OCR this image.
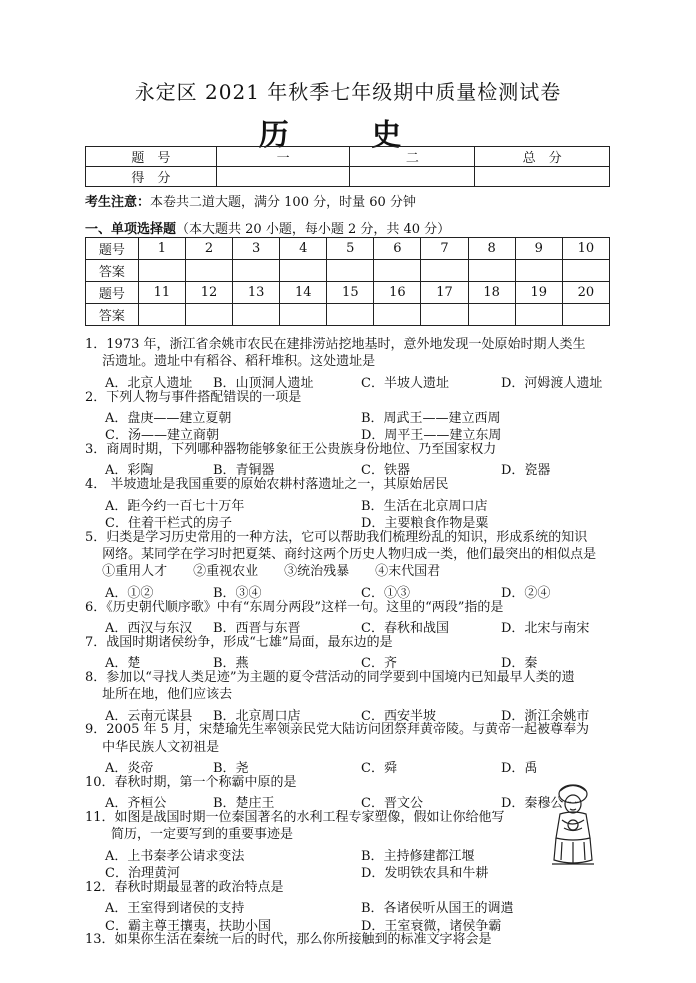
永定区 2021 年秋季七年级期中质量检测试卷
历 史
题　号	一	二	总　分
得　分			
考生注意：本卷共二道大题，满分 100 分，时量 60 分钟
一、单项选择题（本大题共 20 小题，每小题 2 分，共 40 分）
题号	1	2	3	4	5	6	7	8	9	10
答案										
题号	11	12	13	14	15	16	17	18	19	20
答案										
1．1973 年，浙江省余姚市农民在建排涝站挖地基时，意外地发现一处原始时期人类生
　 活遗址。遗址中有稻谷、稻秆堆积。这处遗址是
A．北京人遗址 B．山顶洞人遗址	C．半坡人遗址	D．河姆渡人遗址
2．下列人物与事件搭配错误的一项是
A．盘庚——建立夏朝	B．周武王——建立西周
C．汤——建立商朝	D．周平王——建立东周
3．商周时期，下列哪种器物能够象征王公贵族身份地位、乃至国家权力
A．彩陶	B．青铜器	C．铁器	D．瓷器
4． 半坡遗址是我国重要的原始农耕村落遗址之一，其原始居民
A．距今约一百七十万年	B．生活在北京周口店
C．住着干栏式的房子	D．主要粮食作物是粟
5．归类是学习历史常用的一种方法，它可以帮助我们梳理纷乱的知识，形成系统的知识
　 网络。某同学在学习时把夏桀、商纣这两个历史人物归成一类，他们最突出的相似点是
　 ①重用人才　　②重视农业　　③统治残暴　　④末代国君
A．①②	B．③④	C．①③	D．②④
6．《历史朝代顺序歌》中有“东周分两段”这样一句。这里的“两段”指的是
A．西汉与东汉 B．西晋与东晋	C．春秋和战国	D．北宋与南宋
7．战国时期诸侯纷争，形成“七雄”局面，最东边的是
A．楚	B．燕	C．齐	D．秦
8．参加以“寻找人类足迹”为主题的夏令营活动的同学要到中国境内已知最早人类的遗
　 址所在地，他们应该去
A．云南元谋县 B．北京周口店	C．西安半坡	D．浙江余姚市
9．2005 年 5 月，宋楚瑜先生率领亲民党大陆访问团祭拜黄帝陵。与黄帝一起被尊奉为
　 中华民族人文初祖是
A．炎帝	B．尧	C．舜	D．禹
10．春秋时期，第一个称霸中原的是
A．齐桓公	B．楚庄王	C．晋文公	D．秦穆公
11．如图是战国时期一位秦国著名的水利工程专家塑像，假如让你给他写
　　简历，一定要写到的重要事迹是
A．上书秦孝公请求变法	B．主持修建都江堰
C．治理黄河	D．发明铁农具和牛耕
12．春秋时期最显著的政治特点是
A．王室得到诸侯的支持	B．各诸侯听从国王的调遣
C．霸主尊王攘夷，扶助小国	D．王室衰微，诸侯争霸
13．如果你生活在秦统一后的时代，那么你所接触到的标准文字将会是
